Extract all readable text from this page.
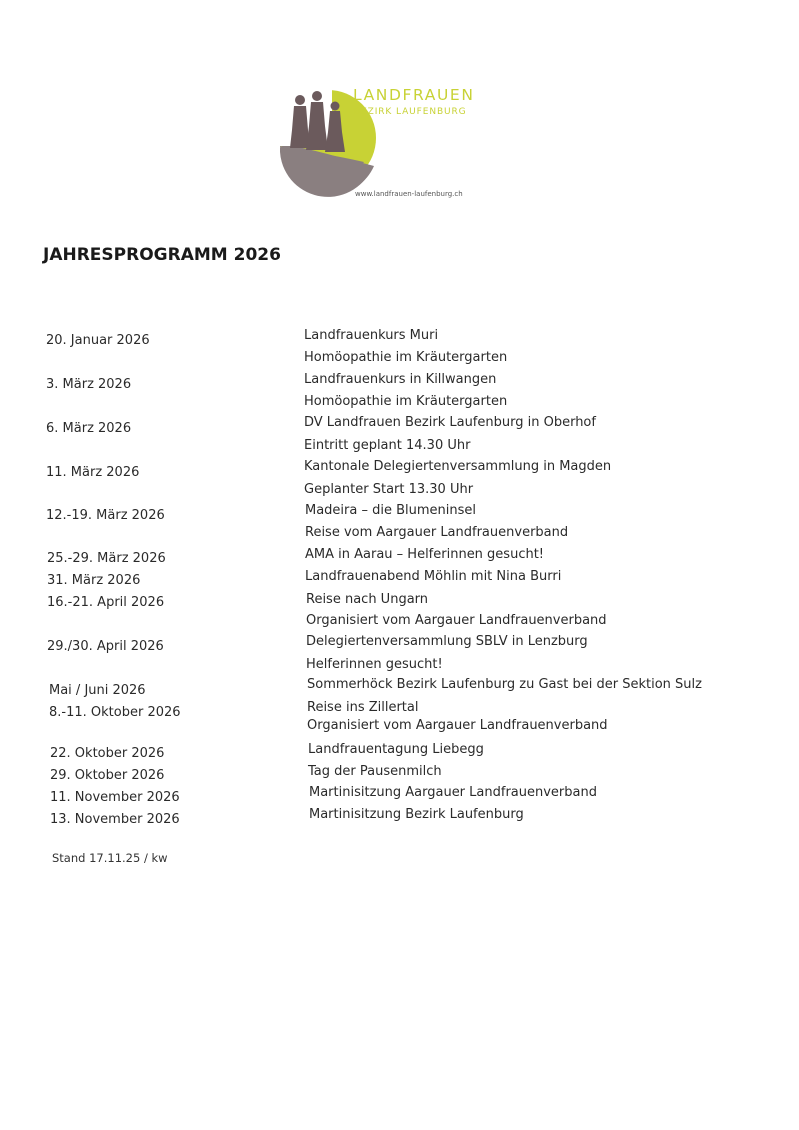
LANDFRAUEN
BEZIRK LAUFENBURG
www.landfrauen-laufenburg.ch
JAHRESPROGRAMM 2026
20. Januar 2026	Landfrauenkurs Muri
Homöopathie im Kräutergarten
3. März 2026	Landfrauenkurs in Killwangen
Homöopathie im Kräutergarten
6. März 2026	DV Landfrauen Bezirk Laufenburg in Oberhof
Eintritt geplant 14.30 Uhr
11. März 2026	Kantonale Delegiertenversammlung in Magden
Geplanter Start 13.30 Uhr
12.-19. März 2026	Madeira – die Blumeninsel
Reise vom Aargauer Landfrauenverband
25.-29. März 2026	AMA in Aarau – Helferinnen gesucht!
31. März 2026	Landfrauenabend Möhlin mit Nina Burri
16.-21. April 2026	Reise nach Ungarn
Organisiert vom Aargauer Landfrauenverband
29./30. April 2026	Delegiertenversammlung SBLV in Lenzburg
Helferinnen gesucht!
Mai / Juni 2026	Sommerhöck Bezirk Laufenburg zu Gast bei der Sektion Sulz
8.-11. Oktober 2026	Reise ins Zillertal
Organisiert vom Aargauer Landfrauenverband
22. Oktober 2026	Landfrauentagung Liebegg
29. Oktober 2026	Tag der Pausenmilch
11. November 2026	Martinisitzung Aargauer Landfrauenverband
13. November 2026	Martinisitzung Bezirk Laufenburg
Stand 17.11.25 / kw
